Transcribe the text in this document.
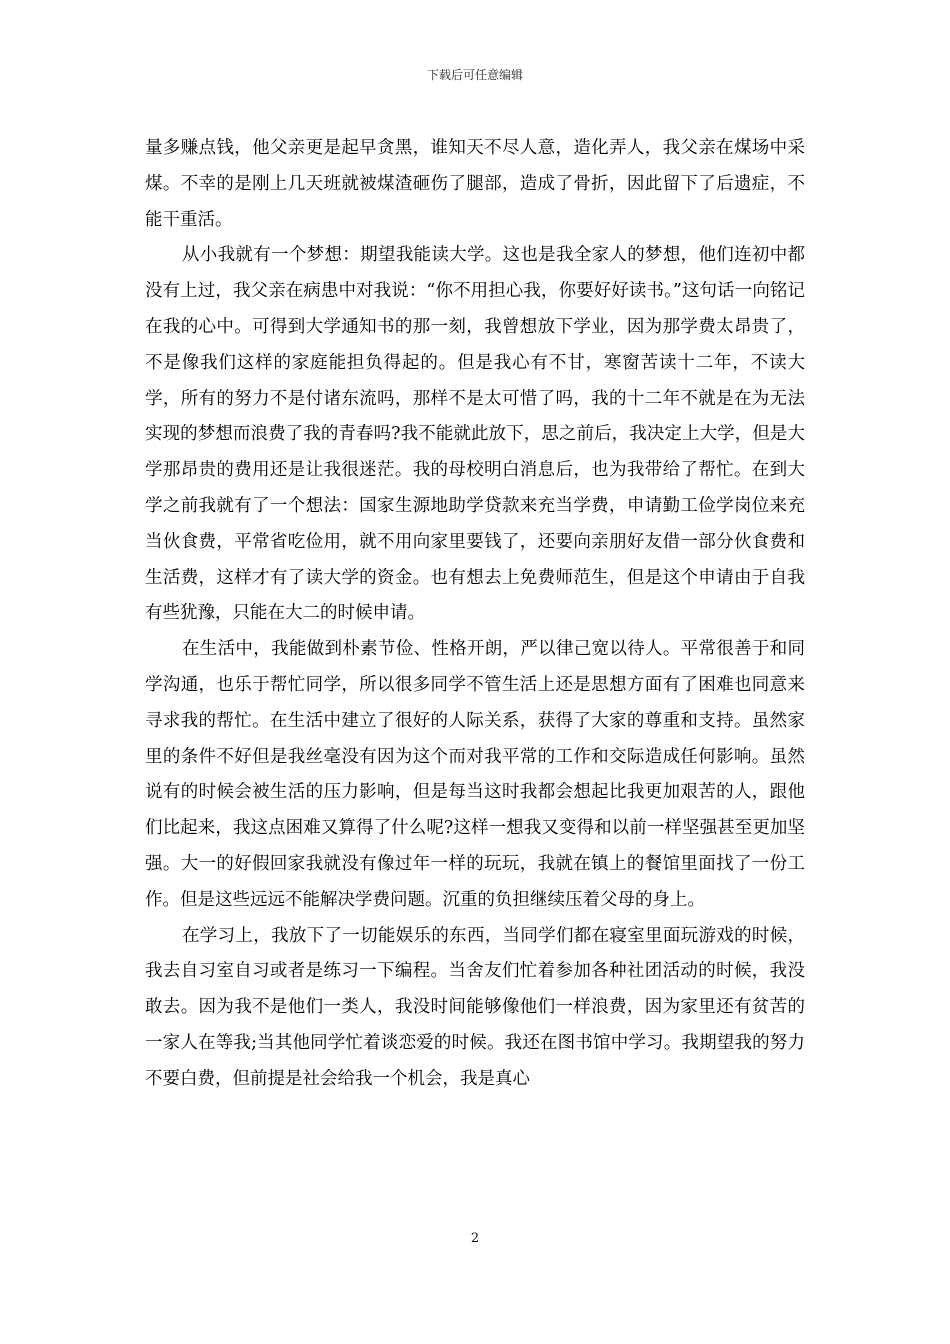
下载后可任意编辑

量多赚点钱，他父亲更是起早贪黑，谁知天不尽人意，造化弄人，我父亲在煤场中采煤。不幸的是刚上几天班就被煤渣砸伤了腿部，造成了骨折，因此留下了后遗症，不能干重活。

从小我就有一个梦想：期望我能读大学。这也是我全家人的梦想，他们连初中都没有上过，我父亲在病患中对我说：“你不用担心我，你要好好读书。”这句话一向铭记在我的心中。可得到大学通知书的那一刻，我曾想放下学业，因为那学费太昂贵了，不是像我们这样的家庭能担负得起的。但是我心有不甘，寒窗苦读十二年，不读大学，所有的努力不是付诸东流吗，那样不是太可惜了吗，我的十二年不就是在为无法实现的梦想而浪费了我的青春吗?我不能就此放下，思之前后，我决定上大学，但是大学那昂贵的费用还是让我很迷茫。我的母校明白消息后，也为我带给了帮忙。在到大学之前我就有了一个想法：国家生源地助学贷款来充当学费，申请勤工俭学岗位来充当伙食费，平常省吃俭用，就不用向家里要钱了，还要向亲朋好友借一部分伙食费和生活费，这样才有了读大学的资金。也有想去上免费师范生，但是这个申请由于自我有些犹豫，只能在大二的时候申请。

在生活中，我能做到朴素节俭、性格开朗，严以律己宽以待人。平常很善于和同学沟通，也乐于帮忙同学，所以很多同学不管生活上还是思想方面有了困难也同意来寻求我的帮忙。在生活中建立了很好的人际关系，获得了大家的尊重和支持。虽然家里的条件不好但是我丝毫没有因为这个而对我平常的工作和交际造成任何影响。虽然说有的时候会被生活的压力影响，但是每当这时我都会想起比我更加艰苦的人，跟他们比起来，我这点困难又算得了什么呢?这样一想我又变得和以前一样坚强甚至更加坚强。大一的好假回家我就没有像过年一样的玩玩，我就在镇上的餐馆里面找了一份工作。但是这些远远不能解决学费问题。沉重的负担继续压着父母的身上。

在学习上，我放下了一切能娱乐的东西，当同学们都在寝室里面玩游戏的时候，我去自习室自习或者是练习一下编程。当舍友们忙着参加各种社团活动的时候，我没敢去。因为我不是他们一类人，我没时间能够像他们一样浪费，因为家里还有贫苦的一家人在等我;当其他同学忙着谈恋爱的时候。我还在图书馆中学习。我期望我的努力不要白费，但前提是社会给我一个机会，我是真心

2
